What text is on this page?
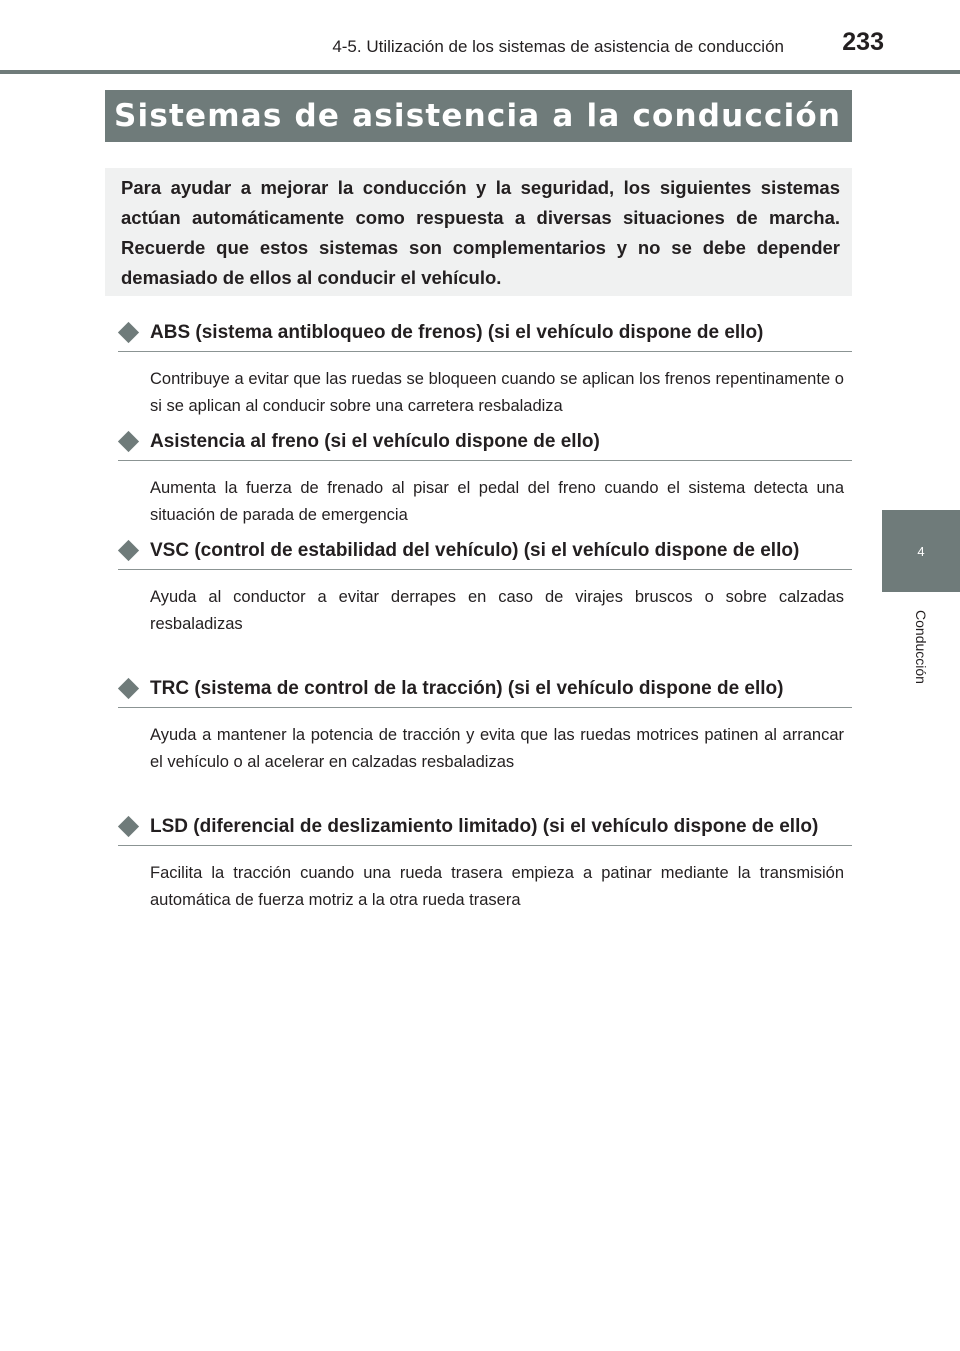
4-5. Utilización de los sistemas de asistencia de conducción 233
4
Conducción
Sistemas de asistencia a la conducción

Para ayudar a mejorar la conducción y la seguridad, los siguientes sistemas actúan automáticamente como respuesta a diversas situaciones de marcha. Recuerde que estos sistemas son complementarios y no se debe depender demasiado de ellos al conducir el vehículo.

ABS (sistema antibloqueo de frenos) (si el vehículo dispone de ello)

Contribuye a evitar que las ruedas se bloqueen cuando se aplican los frenos repentinamente o si se aplican al conducir sobre una carretera resbaladiza

Asistencia al freno (si el vehículo dispone de ello)

Aumenta la fuerza de frenado al pisar el pedal del freno cuando el sistema detecta una situación de parada de emergencia

VSC (control de estabilidad del vehículo) (si el vehículo dispone de ello)

Ayuda al conductor a evitar derrapes en caso de virajes bruscos o sobre calzadas resbaladizas

TRC (sistema de control de la tracción) (si el vehículo dispone de ello)

Ayuda a mantener la potencia de tracción y evita que las ruedas motrices patinen al arrancar el vehículo o al acelerar en calzadas resbaladizas

LSD (diferencial de deslizamiento limitado) (si el vehículo dispone de ello)

Facilita la tracción cuando una rueda trasera empieza a patinar mediante la transmisión automática de fuerza motriz a la otra rueda trasera
